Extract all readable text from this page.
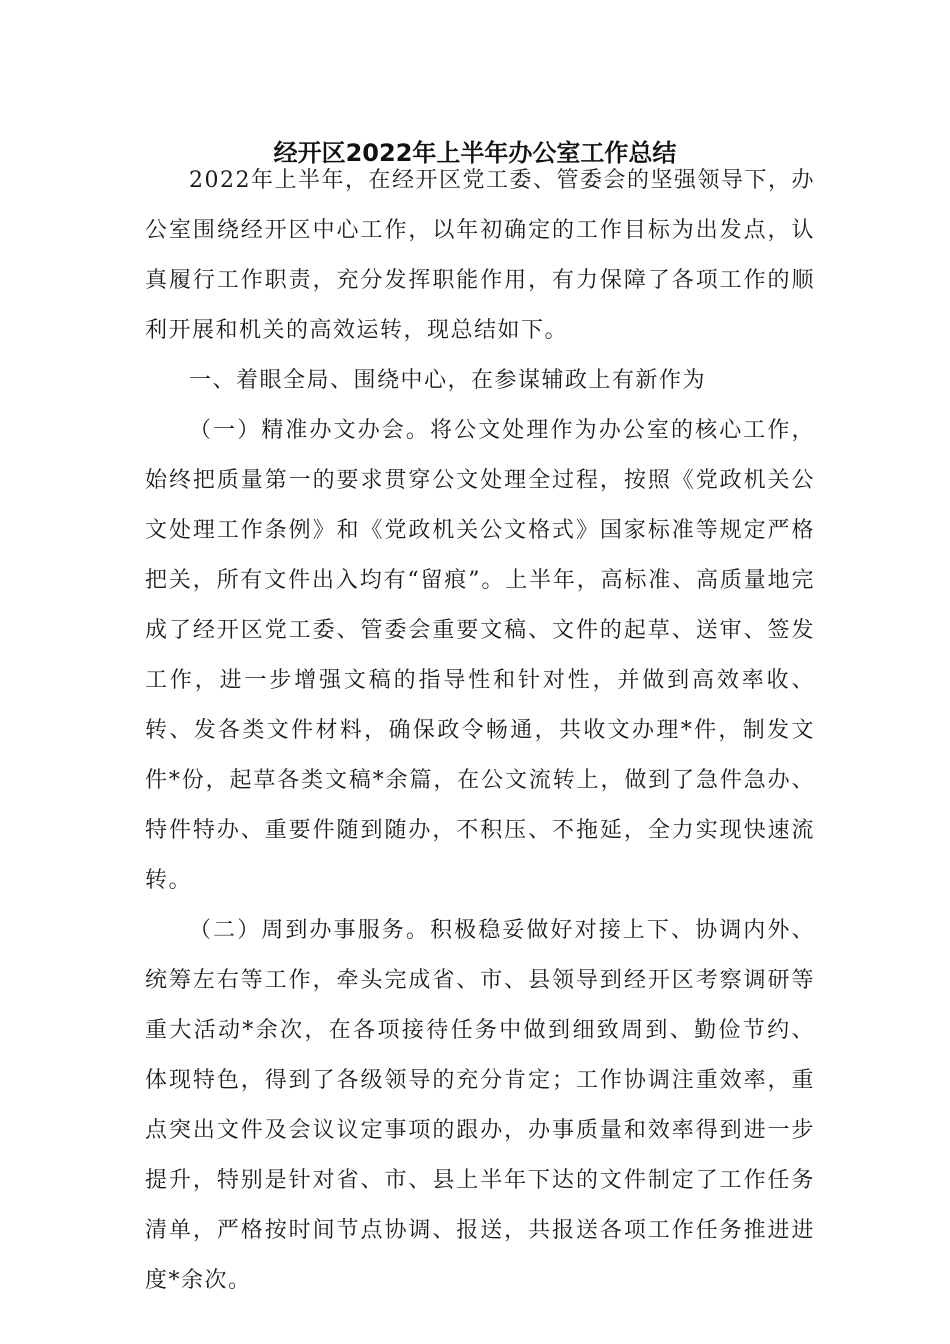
经开区2022年上半年办公室工作总结

2022年上半年，在经开区党工委、管委会的坚强领导下，办公室围绕经开区中心工作，以年初确定的工作目标为出发点，认真履行工作职责，充分发挥职能作用，有力保障了各项工作的顺利开展和机关的高效运转，现总结如下。

一、着眼全局、围绕中心，在参谋辅政上有新作为

（一）精准办文办会。将公文处理作为办公室的核心工作，始终把质量第一的要求贯穿公文处理全过程，按照《党政机关公文处理工作条例》和《党政机关公文格式》国家标准等规定严格把关，所有文件出入均有“留痕”。上半年，高标准、高质量地完成了经开区党工委、管委会重要文稿、文件的起草、送审、签发工作，进一步增强文稿的指导性和针对性，并做到高效率收、转、发各类文件材料，确保政令畅通，共收文办理*件，制发文件*份，起草各类文稿*余篇，在公文流转上，做到了急件急办、特件特办、重要件随到随办，不积压、不拖延，全力实现快速流转。

（二）周到办事服务。积极稳妥做好对接上下、协调内外、统筹左右等工作，牵头完成省、市、县领导到经开区考察调研等重大活动*余次，在各项接待任务中做到细致周到、勤俭节约、体现特色，得到了各级领导的充分肯定；工作协调注重效率，重点突出文件及会议议定事项的跟办，办事质量和效率得到进一步提升，特别是针对省、市、县上半年下达的文件制定了工作任务清单，严格按时间节点协调、报送，共报送各项工作任务推进进度*余次。
